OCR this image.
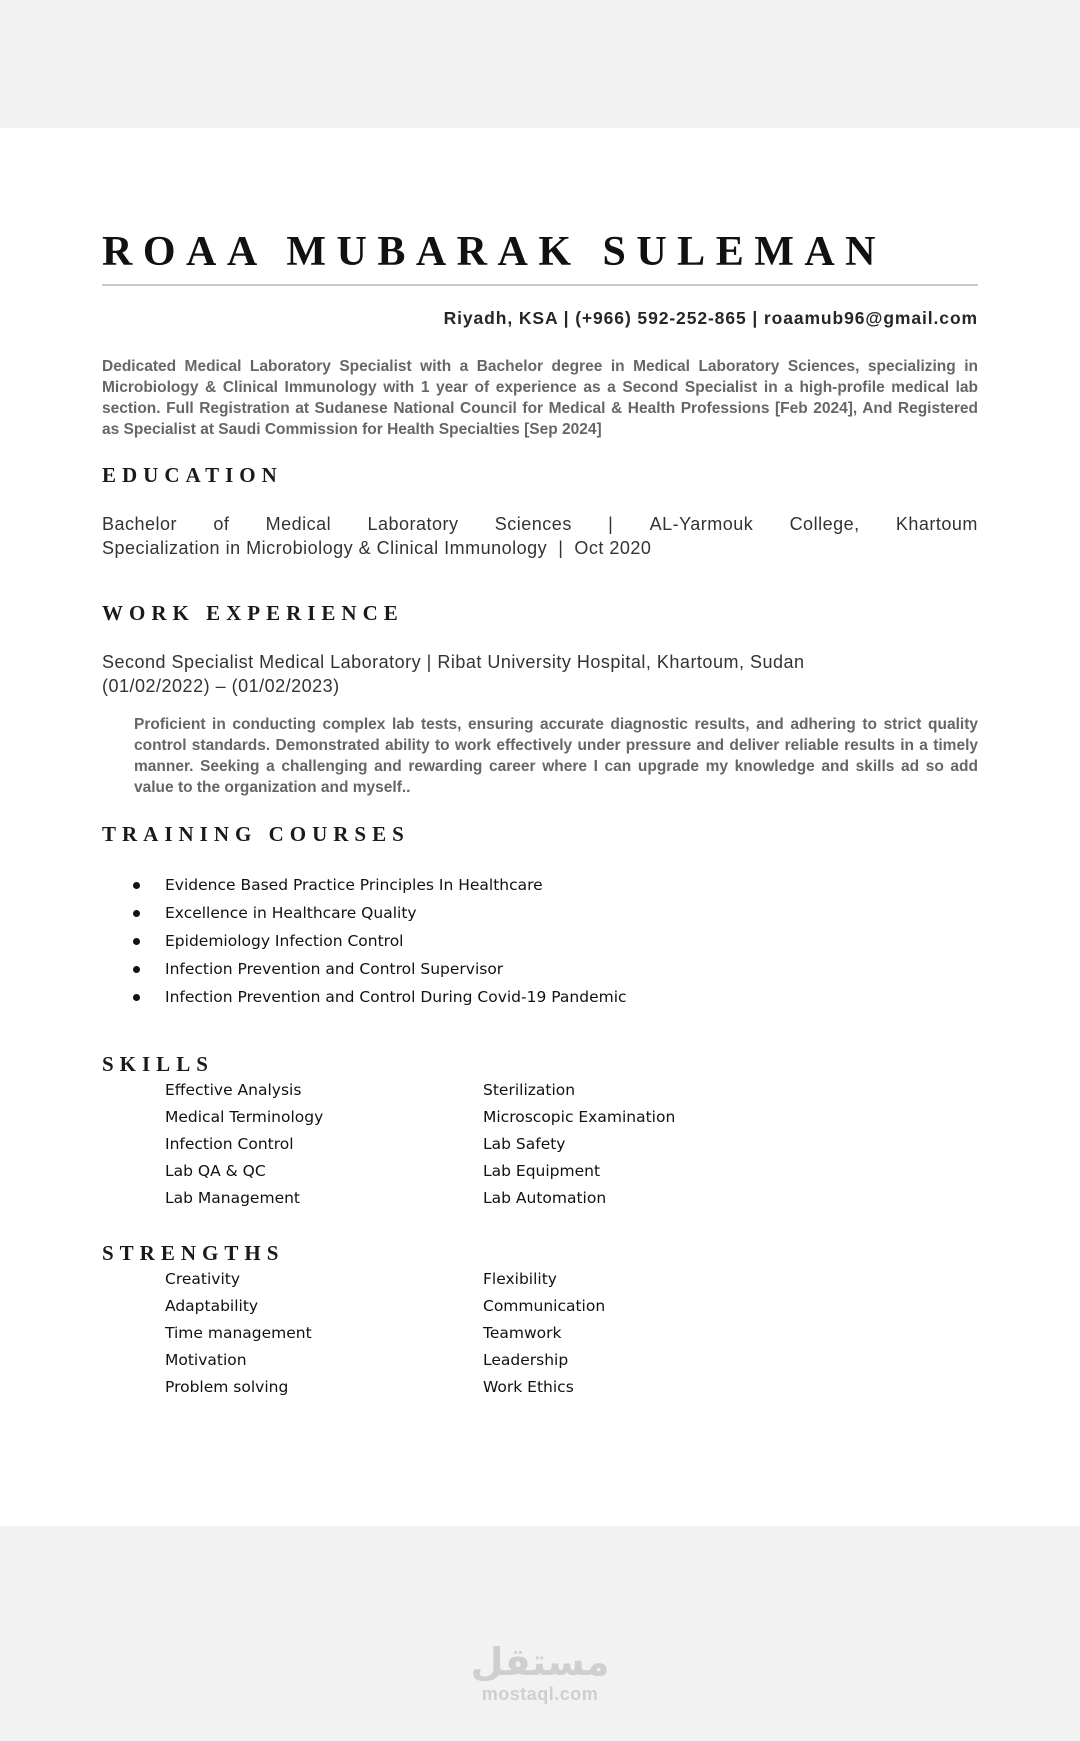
ROAA MUBARAK SULEMAN
Riyadh, KSA | (+966) 592-252-865 | roaamub96@gmail.com

Dedicated Medical Laboratory Specialist with a Bachelor degree in Medical Laboratory Sciences, specializing in Microbiology & Clinical Immunology with 1 year of experience as a Second Specialist in a high-profile medical lab section. Full Registration at Sudanese National Council for Medical & Health Professions [Feb 2024], And Registered as Specialist at Saudi Commission for Health Specialties [Sep 2024]

EDUCATION
Bachelor of Medical Laboratory Sciences | AL-Yarmouk College, Khartoum
Specialization in Microbiology & Clinical Immunology  |  Oct 2020
WORK EXPERIENCE
Second Specialist Medical Laboratory | Ribat University Hospital, Khartoum, Sudan
(01/02/2022) – (01/02/2023)

Proficient in conducting complex lab tests, ensuring accurate diagnostic results, and adhering to strict quality control standards. Demonstrated ability to work effectively under pressure and deliver reliable results in a timely manner. Seeking a challenging and rewarding career where I can upgrade my knowledge and skills ad so add value to the organization and myself..

TRAINING COURSES
Evidence Based Practice Principles In Healthcare
Excellence in Healthcare Quality
Epidemiology Infection Control
Infection Prevention and Control Supervisor
Infection Prevention and Control During Covid-19 Pandemic
SKILLS
Effective Analysis	Sterilization
Medical Terminology	Microscopic Examination
Infection Control	Lab Safety
Lab QA & QC	Lab Equipment
Lab Management	Lab Automation
STRENGTHS
Creativity	Flexibility
Adaptability	Communication
Time management	Teamwork
Motivation	Leadership
Problem solving	Work Ethics
مستقل
mostaql.com
